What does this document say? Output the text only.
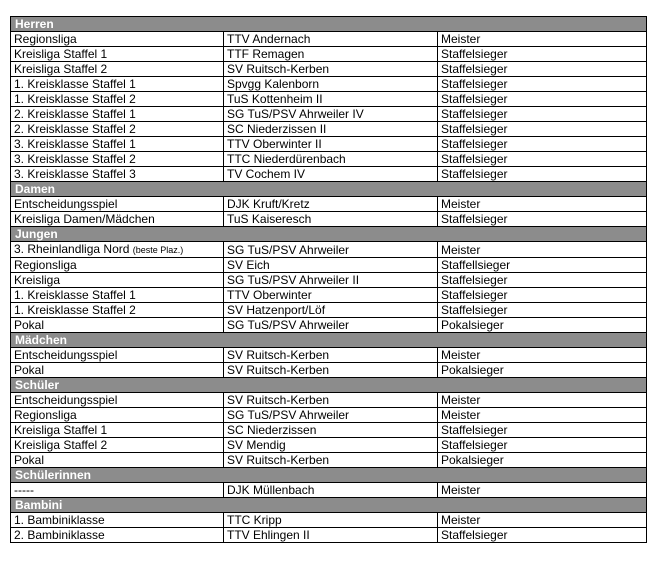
Herren		
Regionsliga	TTV Andernach	Meister
Kreisliga Staffel 1	TTF Remagen	Staffelsieger
Kreisliga Staffel 2	SV Ruitsch-Kerben	Staffelsieger
1. Kreisklasse Staffel 1	Spvgg Kalenborn	Staffelsieger
1. Kreisklasse Staffel 2	TuS Kottenheim II	Staffelsieger
2. Kreisklasse Staffel 1	SG TuS/PSV Ahrweiler IV	Staffelsieger
2. Kreisklasse Staffel 2	SC Niederzissen II	Staffelsieger
3. Kreisklasse Staffel 1	TTV Oberwinter II	Staffelsieger
3. Kreisklasse Staffel 2	TTC Niederdürenbach	Staffelsieger
3. Kreisklasse Staffel 3	TV Cochem IV	Staffelsieger
Damen		
Entscheidungsspiel	DJK Kruft/Kretz	Meister
Kreisliga Damen/Mädchen	TuS Kaiseresch	Staffelsieger
Jungen		
3. Rheinlandliga Nord (beste Plaz.)	SG TuS/PSV Ahrweiler	Meister
Regionsliga	SV Eich	Staffellsieger
Kreisliga	SG TuS/PSV Ahrweiler II	Staffelsieger
1. Kreisklasse Staffel 1	TTV Oberwinter	Staffelsieger
1. Kreisklasse Staffel 2	SV Hatzenport/Löf	Staffelsieger
Pokal	SG TuS/PSV Ahrweiler	Pokalsieger
Mädchen		
Entscheidungsspiel	SV Ruitsch-Kerben	Meister
Pokal	SV Ruitsch-Kerben	Pokalsieger
Schüler		
Entscheidungsspiel	SV Ruitsch-Kerben	Meister
Regionsliga	SG TuS/PSV Ahrweiler	Meister
Kreisliga Staffel 1	SC Niederzissen	Staffelsieger
Kreisliga Staffel 2	SV Mendig	Staffelsieger
Pokal	SV Ruitsch-Kerben	Pokalsieger
Schülerinnen		
-----	DJK Müllenbach	Meister
Bambini		
1. Bambiniklasse	TTC Kripp	Meister
2. Bambiniklasse	TTV Ehlingen II	Staffelsieger
